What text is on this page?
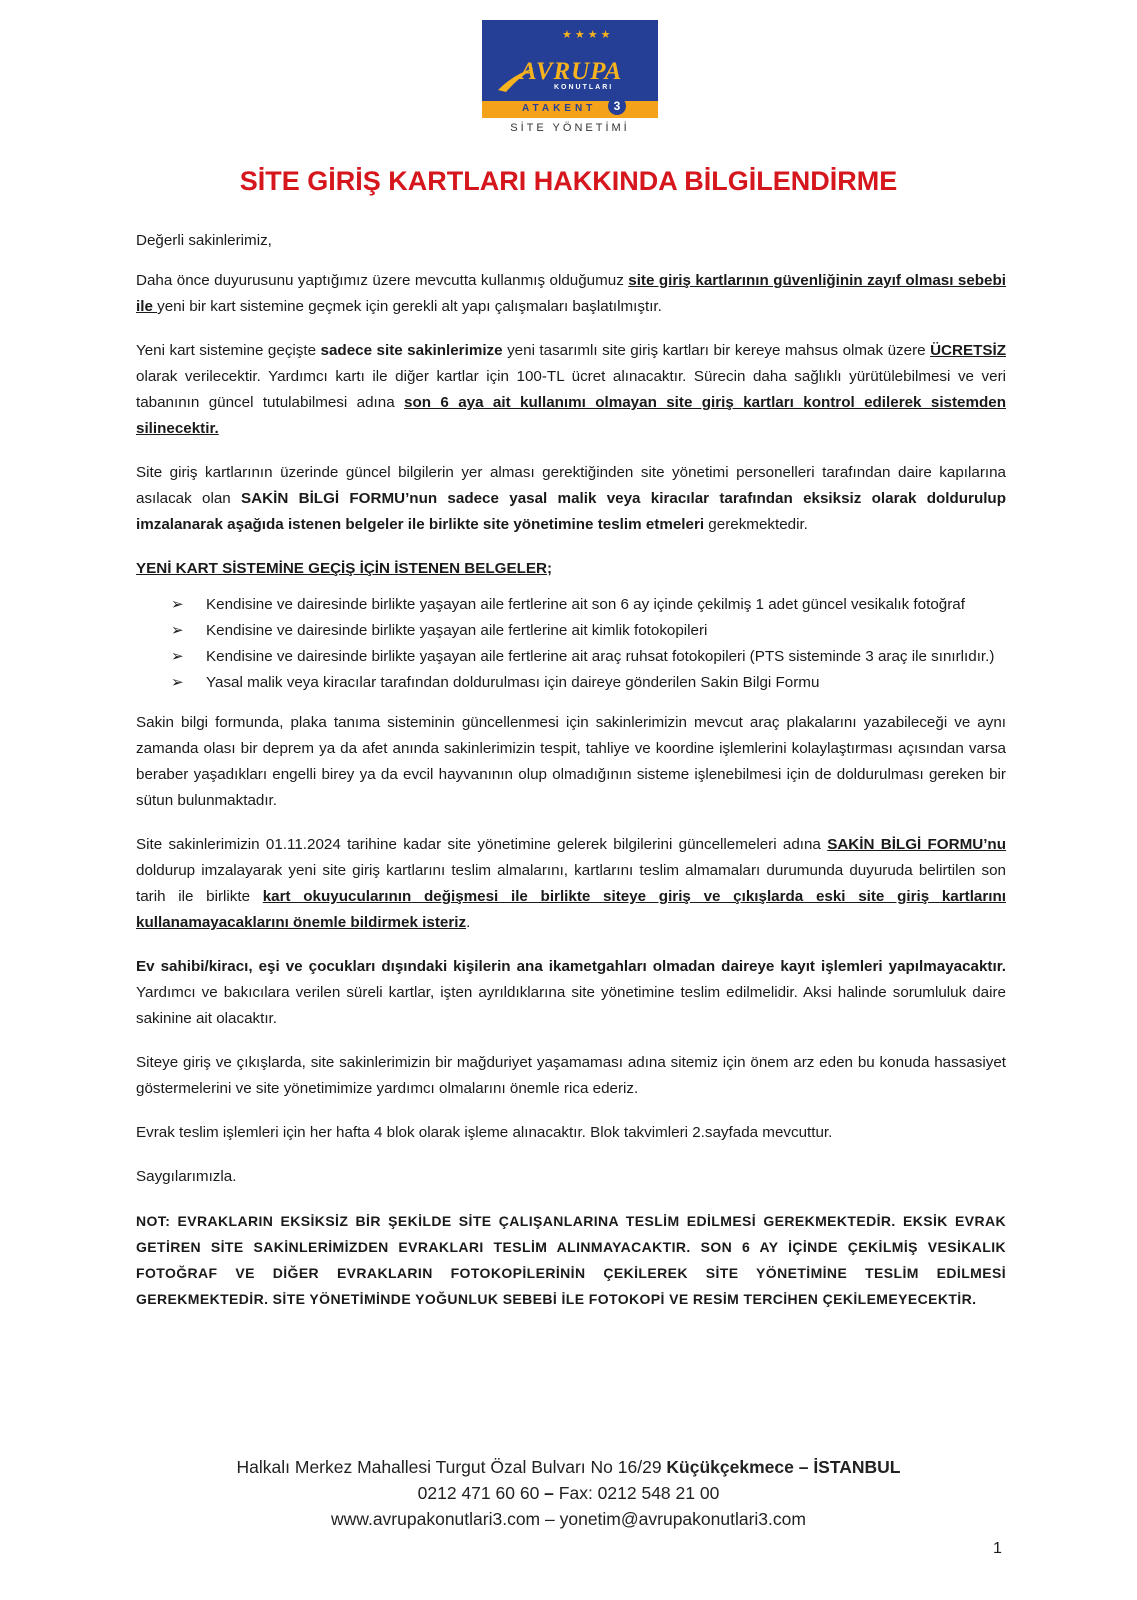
★★★★
AVRUPA
KONUTLARI
ATAKENT	3
SİTE YÖNETİMİ
SİTE GİRİŞ KARTLARI HAKKINDA BİLGİLENDİRME

Değerli sakinlerimiz,

Daha önce duyurusunu yaptığımız üzere mevcutta kullanmış olduğumuz site giriş kartlarının güvenliğinin zayıf olması sebebi ile yeni bir kart sistemine geçmek için gerekli alt yapı çalışmaları başlatılmıştır.

Yeni kart sistemine geçişte sadece site sakinlerimize yeni tasarımlı site giriş kartları bir kereye mahsus olmak üzere ÜCRETSİZ olarak verilecektir. Yardımcı kartı ile diğer kartlar için 100-TL ücret alınacaktır. Sürecin daha sağlıklı yürütülebilmesi ve veri tabanının güncel tutulabilmesi adına son 6 aya ait kullanımı olmayan site giriş kartları kontrol edilerek sistemden silinecektir.

Site giriş kartlarının üzerinde güncel bilgilerin yer alması gerektiğinden site yönetimi personelleri tarafından daire kapılarına asılacak olan SAKİN BİLGİ FORMU’nun sadece yasal malik veya kiracılar tarafından eksiksiz olarak doldurulup imzalanarak aşağıda istenen belgeler ile birlikte site yönetimine teslim etmeleri gerekmektedir.

YENİ KART SİSTEMİNE GEÇİŞ İÇİN İSTENEN BELGELER;

➢ Kendisine ve dairesinde birlikte yaşayan aile fertlerine ait son 6 ay içinde çekilmiş 1 adet güncel vesikalık fotoğraf
➢ Kendisine ve dairesinde birlikte yaşayan aile fertlerine ait kimlik fotokopileri
➢ Kendisine ve dairesinde birlikte yaşayan aile fertlerine ait araç ruhsat fotokopileri (PTS sisteminde 3 araç ile sınırlıdır.)
➢ Yasal malik veya kiracılar tarafından doldurulması için daireye gönderilen Sakin Bilgi Formu

Sakin bilgi formunda, plaka tanıma sisteminin güncellenmesi için sakinlerimizin mevcut araç plakalarını yazabileceği ve aynı zamanda olası bir deprem ya da afet anında sakinlerimizin tespit, tahliye ve koordine işlemlerini kolaylaştırması açısından varsa beraber yaşadıkları engelli birey ya da evcil hayvanının olup olmadığının sisteme işlenebilmesi için de doldurulması gereken bir sütun bulunmaktadır.

Site sakinlerimizin 01.11.2024 tarihine kadar site yönetimine gelerek bilgilerini güncellemeleri adına SAKİN BİLGİ FORMU’nu doldurup imzalayarak yeni site giriş kartlarını teslim almalarını, kartlarını teslim almamaları durumunda duyuruda belirtilen son tarih ile birlikte kart okuyucularının değişmesi ile birlikte siteye giriş ve çıkışlarda eski site giriş kartlarını kullanamayacaklarını önemle bildirmek isteriz.

Ev sahibi/kiracı, eşi ve çocukları dışındaki kişilerin ana ikametgahları olmadan daireye kayıt işlemleri yapılmayacaktır. Yardımcı ve bakıcılara verilen süreli kartlar, işten ayrıldıklarına site yönetimine teslim edilmelidir. Aksi halinde sorumluluk daire sakinine ait olacaktır.

Siteye giriş ve çıkışlarda, site sakinlerimizin bir mağduriyet yaşamaması adına sitemiz için önem arz eden bu konuda hassasiyet göstermelerini ve site yönetimimize yardımcı olmalarını önemle rica ederiz.

Evrak teslim işlemleri için her hafta 4 blok olarak işleme alınacaktır. Blok takvimleri 2.sayfada mevcuttur.

Saygılarımızla.

NOT: EVRAKLARIN EKSİKSİZ BİR ŞEKİLDE SİTE ÇALIŞANLARINA TESLİM EDİLMESİ GEREKMEKTEDİR. EKSİK EVRAK GETİREN SİTE SAKİNLERİMİZDEN EVRAKLARI TESLİM ALINMAYACAKTIR. SON 6 AY İÇİNDE ÇEKİLMİŞ VESİKALIK FOTOĞRAF VE DİĞER EVRAKLARIN FOTOKOPİLERİNİN ÇEKİLEREK SİTE YÖNETİMİNE TESLİM EDİLMESİ GEREKMEKTEDİR. SİTE YÖNETİMİNDE YOĞUNLUK SEBEBİ İLE FOTOKOPİ VE RESİM TERCİHEN ÇEKİLEMEYECEKTİR.

Halkalı Merkez Mahallesi Turgut Özal Bulvarı No 16/29 Küçükçekmece – İSTANBUL
0212 471 60 60 – Fax: 0212 548 21 00
www.avrupakonutlari3.com – yonetim@avrupakonutlari3.com
1
